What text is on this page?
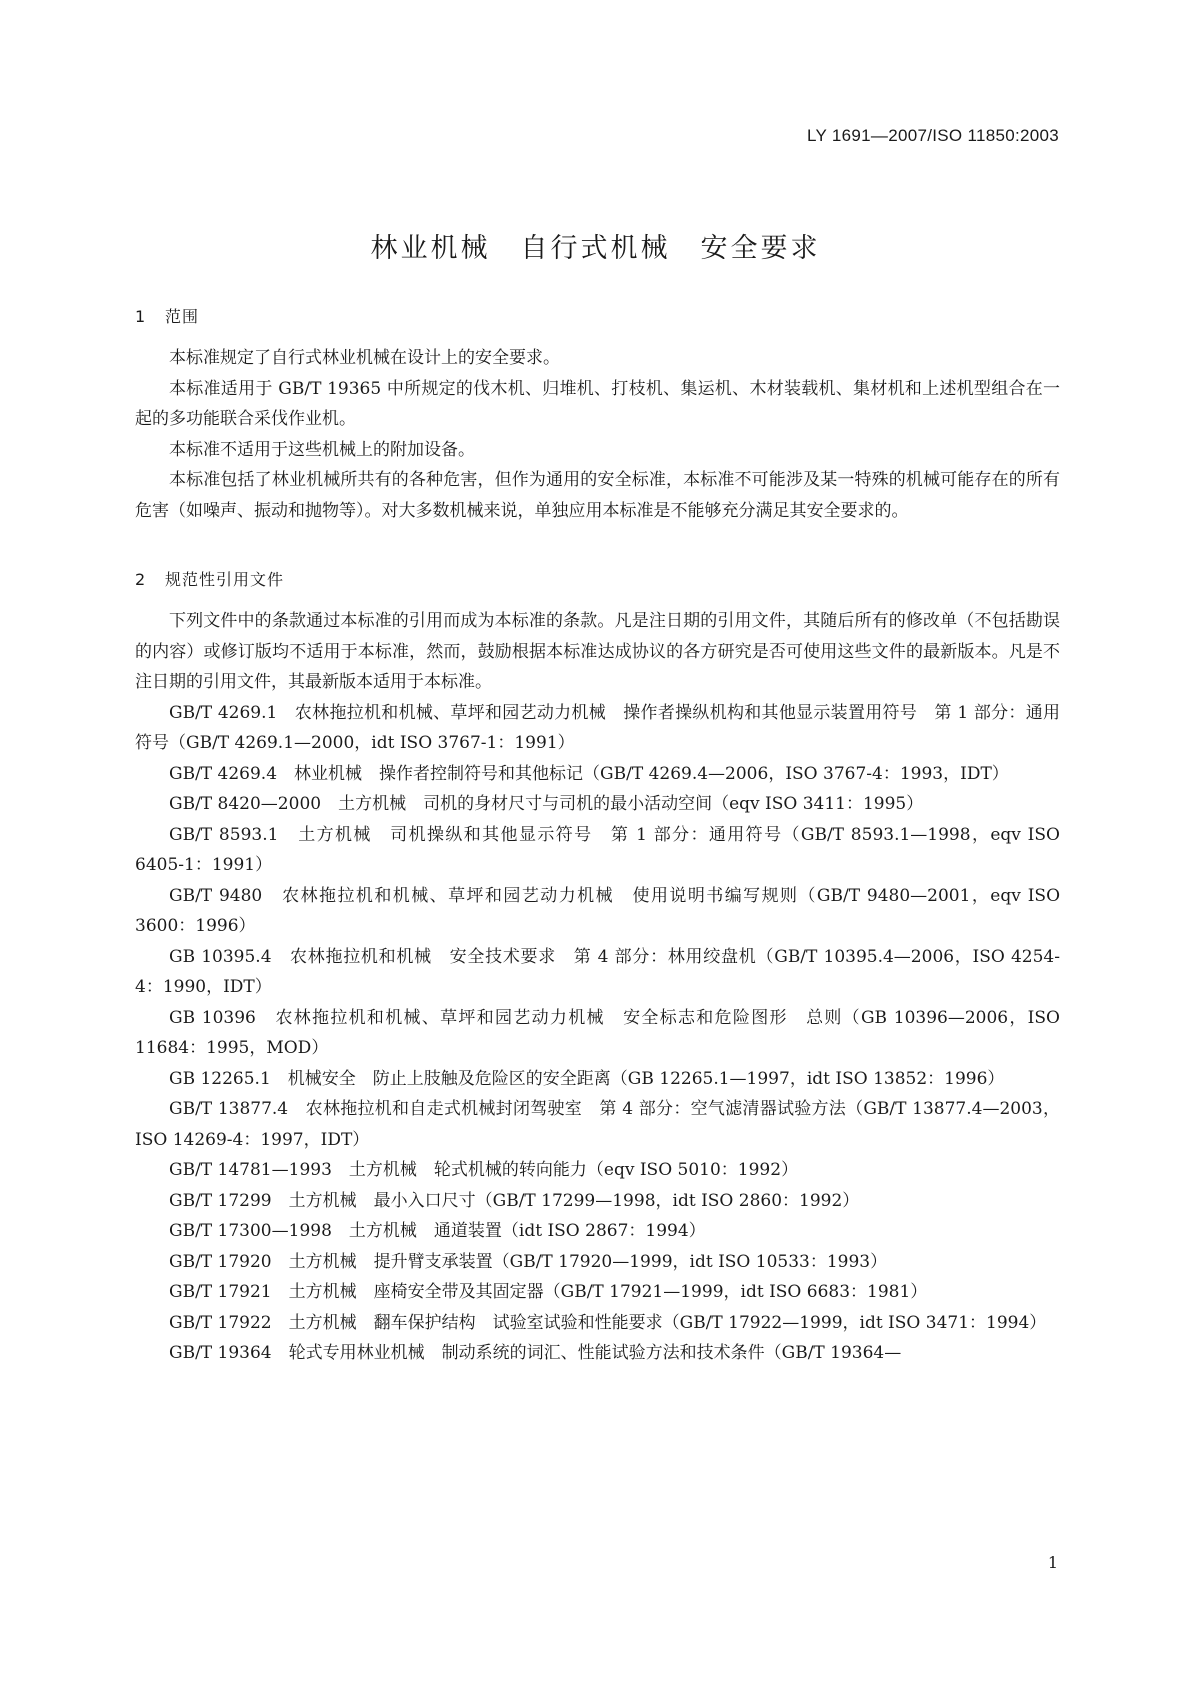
LY 1691—2007/ISO 11850:2003
林业机械　自行式机械　安全要求
1 范围

本标准规定了自行式林业机械在设计上的安全要求。

本标准适用于 GB/T 19365 中所规定的伐木机、归堆机、打枝机、集运机、木材装载机、集材机和上述机型组合在一起的多功能联合采伐作业机。

本标准不适用于这些机械上的附加设备。

本标准包括了林业机械所共有的各种危害，但作为通用的安全标准，本标准不可能涉及某一特殊的机械可能存在的所有危害（如噪声、振动和抛物等）。对大多数机械来说，单独应用本标准是不能够充分满足其安全要求的。

2 规范性引用文件

下列文件中的条款通过本标准的引用而成为本标准的条款。凡是注日期的引用文件，其随后所有的修改单（不包括勘误的内容）或修订版均不适用于本标准，然而，鼓励根据本标准达成协议的各方研究是否可使用这些文件的最新版本。凡是不注日期的引用文件，其最新版本适用于本标准。

GB/T 4269.1　农林拖拉机和机械、草坪和园艺动力机械　操作者操纵机构和其他显示装置用符号　第 1 部分：通用符号（GB/T 4269.1—2000，idt ISO 3767-1：1991）
GB/T 4269.4　林业机械　操作者控制符号和其他标记（GB/T 4269.4—2006，ISO 3767-4：1993，IDT）
GB/T 8420—2000　土方机械　司机的身材尺寸与司机的最小活动空间（eqv ISO 3411：1995）
GB/T 8593.1　土方机械　司机操纵和其他显示符号　第 1 部分：通用符号（GB/T 8593.1—1998，eqv ISO 6405-1：1991）
GB/T 9480　农林拖拉机和机械、草坪和园艺动力机械　使用说明书编写规则（GB/T 9480—2001，eqv ISO 3600：1996）
GB 10395.4　农林拖拉机和机械　安全技术要求　第 4 部分：林用绞盘机（GB/T 10395.4—2006，ISO 4254-4：1990，IDT）
GB 10396　农林拖拉机和机械、草坪和园艺动力机械　安全标志和危险图形　总则（GB 10396—2006，ISO 11684：1995，MOD）
GB 12265.1　机械安全　防止上肢触及危险区的安全距离（GB 12265.1—1997，idt ISO 13852：1996）
GB/T 13877.4　农林拖拉机和自走式机械封闭驾驶室　第 4 部分：空气滤清器试验方法（GB/T 13877.4—2003，ISO 14269-4：1997，IDT）
GB/T 14781—1993　土方机械　轮式机械的转向能力（eqv ISO 5010：1992）
GB/T 17299　土方机械　最小入口尺寸（GB/T 17299—1998，idt ISO 2860：1992）
GB/T 17300—1998　土方机械　通道装置（idt ISO 2867：1994）
GB/T 17920　土方机械　提升臂支承装置（GB/T 17920—1999，idt ISO 10533：1993）
GB/T 17921　土方机械　座椅安全带及其固定器（GB/T 17921—1999，idt ISO 6683：1981）
GB/T 17922　土方机械　翻车保护结构　试验室试验和性能要求（GB/T 17922—1999，idt ISO 3471：1994）
GB/T 19364　轮式专用林业机械　制动系统的词汇、性能试验方法和技术条件（GB/T 19364—
1
